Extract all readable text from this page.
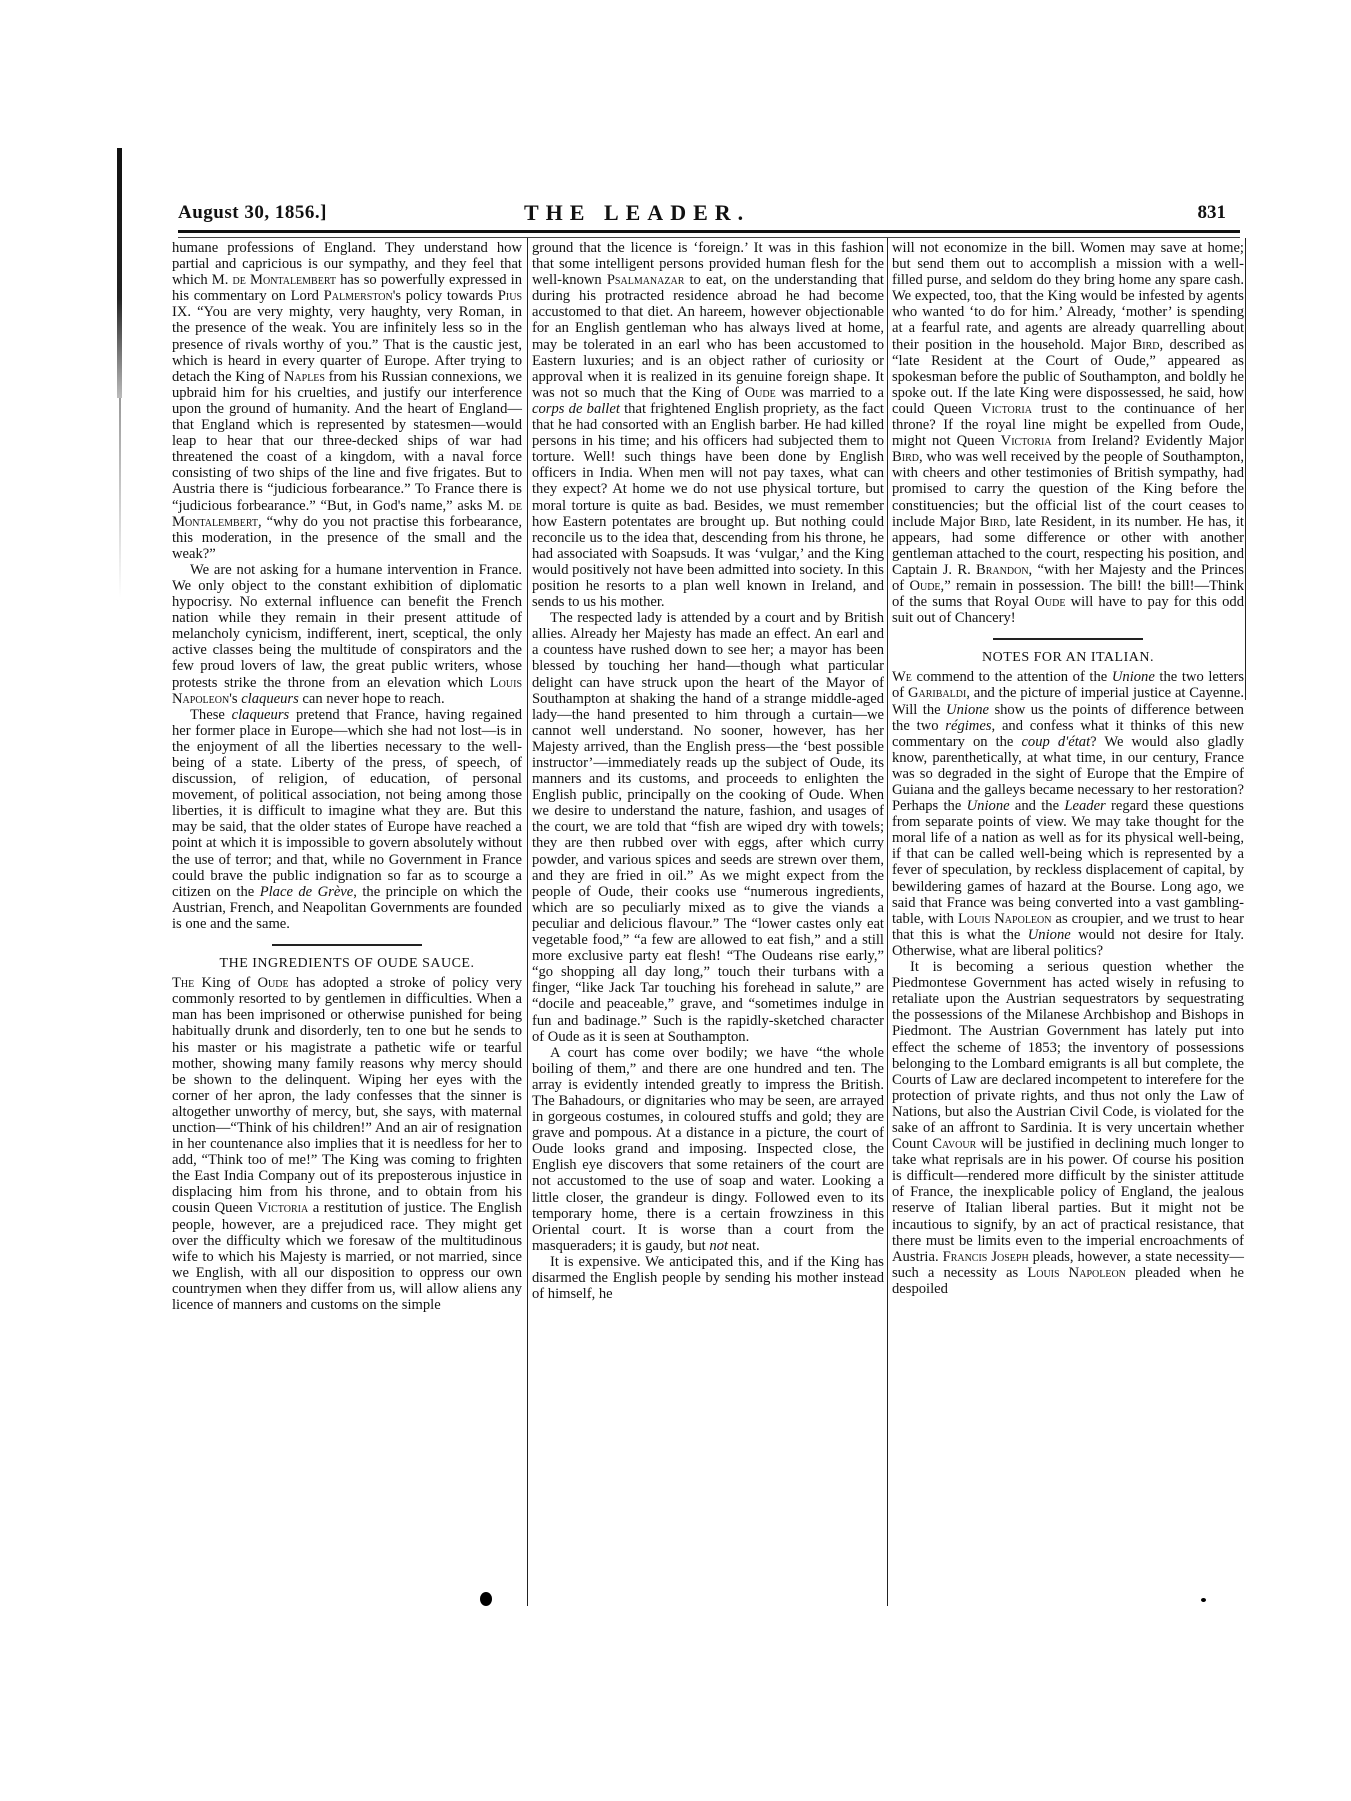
August 30, 1856.]	THE LEADER.	831

humane professions of England. They understand how partial and capricious is our sympathy, and they feel that which M. de Montalembert has so powerfully expressed in his commentary on Lord Palmerston's policy towards Pius IX. “You are very mighty, very haughty, very Roman, in the presence of the weak. You are infinitely less so in the presence of rivals worthy of you.” That is the caustic jest, which is heard in every quarter of Europe. After trying to detach the King of Naples from his Russian connexions, we upbraid him for his cruelties, and justify our interference upon the ground of humanity. And the heart of England—that England which is represented by statesmen—would leap to hear that our three-decked ships of war had threatened the coast of a kingdom, with a naval force consisting of two ships of the line and five frigates. But to Austria there is “judicious forbearance.” To France there is “judicious forbearance.” “But, in God's name,” asks M. de Montalembert, “why do you not practise this forbearance, this moderation, in the presence of the small and the weak?”

We are not asking for a humane intervention in France. We only object to the constant exhibition of diplomatic hypocrisy. No external influence can benefit the French nation while they remain in their present attitude of melancholy cynicism, indifferent, inert, sceptical, the only active classes being the multitude of conspirators and the few proud lovers of law, the great public writers, whose protests strike the throne from an elevation which Louis Napoleon's claqueurs can never hope to reach.

These claqueurs pretend that France, having regained her former place in Europe—which she had not lost—is in the enjoyment of all the liberties necessary to the well-being of a state. Liberty of the press, of speech, of discussion, of religion, of education, of personal movement, of political association, not being among those liberties, it is difficult to imagine what they are. But this may be said, that the older states of Europe have reached a point at which it is impossible to govern absolutely without the use of terror; and that, while no Government in France could brave the public indignation so far as to scourge a citizen on the Place de Grève, the principle on which the Austrian, French, and Neapolitan Governments are founded is one and the same.

THE INGREDIENTS OF OUDE SAUCE.

The King of Oude has adopted a stroke of policy very commonly resorted to by gentlemen in difficulties. When a man has been imprisoned or otherwise punished for being habitually drunk and disorderly, ten to one but he sends to his master or his magistrate a pathetic wife or tearful mother, showing many family reasons why mercy should be shown to the delinquent. Wiping her eyes with the corner of her apron, the lady confesses that the sinner is altogether unworthy of mercy, but, she says, with maternal unction—“Think of his children!” And an air of resignation in her countenance also implies that it is needless for her to add, “Think too of me!” The King was coming to frighten the East India Company out of its preposterous injustice in displacing him from his throne, and to obtain from his cousin Queen Victoria a restitution of justice. The English people, however, are a prejudiced race. They might get over the difficulty which we foresaw of the multitudinous wife to which his Majesty is married, or not married, since we English, with all our disposition to oppress our own countrymen when they differ from us, will allow aliens any licence of manners and customs on the simple

ground that the licence is ‘foreign.’ It was in this fashion that some intelligent persons provided human flesh for the well-known Psalmanazar to eat, on the understanding that during his protracted residence abroad he had become accustomed to that diet. An hareem, however objectionable for an English gentleman who has always lived at home, may be tolerated in an earl who has been accustomed to Eastern luxuries; and is an object rather of curiosity or approval when it is realized in its genuine foreign shape. It was not so much that the King of Oude was married to a corps de ballet that frightened English propriety, as the fact that he had consorted with an English barber. He had killed persons in his time; and his officers had subjected them to torture. Well! such things have been done by English officers in India. When men will not pay taxes, what can they expect? At home we do not use physical torture, but moral torture is quite as bad. Besides, we must remember how Eastern potentates are brought up. But nothing could reconcile us to the idea that, descending from his throne, he had associated with Soapsuds. It was ‘vulgar,’ and the King would positively not have been admitted into society. In this position he resorts to a plan well known in Ireland, and sends to us his mother.

The respected lady is attended by a court and by British allies. Already her Majesty has made an effect. An earl and a countess have rushed down to see her; a mayor has been blessed by touching her hand—though what particular delight can have struck upon the heart of the Mayor of Southampton at shaking the hand of a strange middle-aged lady—the hand presented to him through a curtain—we cannot well understand. No sooner, however, has her Majesty arrived, than the English press—the ‘best possible instructor’—immediately reads up the subject of Oude, its manners and its customs, and proceeds to enlighten the English public, principally on the cooking of Oude. When we desire to understand the nature, fashion, and usages of the court, we are told that “fish are wiped dry with towels; they are then rubbed over with eggs, after which curry powder, and various spices and seeds are strewn over them, and they are fried in oil.” As we might expect from the people of Oude, their cooks use “numerous ingredients, which are so peculiarly mixed as to give the viands a peculiar and delicious flavour.” The “lower castes only eat vegetable food,” “a few are allowed to eat fish,” and a still more exclusive party eat flesh! “The Oudeans rise early,” “go shopping all day long,” touch their turbans with a finger, “like Jack Tar touching his forehead in salute,” are “docile and peaceable,” grave, and “sometimes indulge in fun and badinage.” Such is the rapidly-sketched character of Oude as it is seen at Southampton.

A court has come over bodily; we have “the whole boiling of them,” and there are one hundred and ten. The array is evidently intended greatly to impress the British. The Bahadours, or dignitaries who may be seen, are arrayed in gorgeous costumes, in coloured stuffs and gold; they are grave and pompous. At a distance in a picture, the court of Oude looks grand and imposing. Inspected close, the English eye discovers that some retainers of the court are not accustomed to the use of soap and water. Looking a little closer, the grandeur is dingy. Followed even to its temporary home, there is a certain frowziness in this Oriental court. It is worse than a court from the masqueraders; it is gaudy, but not neat.

It is expensive. We anticipated this, and if the King has disarmed the English people by sending his mother instead of himself, he

will not economize in the bill. Women may save at home; but send them out to accomplish a mission with a well-filled purse, and seldom do they bring home any spare cash. We expected, too, that the King would be infested by agents who wanted ‘to do for him.’ Already, ‘mother’ is spending at a fearful rate, and agents are already quarrelling about their position in the household. Major Bird, described as “late Resident at the Court of Oude,” appeared as spokesman before the public of Southampton, and boldly he spoke out. If the late King were dispossessed, he said, how could Queen Victoria trust to the continuance of her throne? If the royal line might be expelled from Oude, might not Queen Victoria from Ireland? Evidently Major Bird, who was well received by the people of Southampton, with cheers and other testimonies of British sympathy, had promised to carry the question of the King before the constituencies; but the official list of the court ceases to include Major Bird, late Resident, in its number. He has, it appears, had some difference or other with another gentleman attached to the court, respecting his position, and Captain J. R. Brandon, “with her Majesty and the Princes of Oude,” remain in possession. The bill! the bill!—Think of the sums that Royal Oude will have to pay for this odd suit out of Chancery!

NOTES FOR AN ITALIAN.

We commend to the attention of the Unione the two letters of Garibaldi, and the picture of imperial justice at Cayenne. Will the Unione show us the points of difference between the two régimes, and confess what it thinks of this new commentary on the coup d'état? We would also gladly know, parenthetically, at what time, in our century, France was so degraded in the sight of Europe that the Empire of Guiana and the galleys became necessary to her restoration? Perhaps the Unione and the Leader regard these questions from separate points of view. We may take thought for the moral life of a nation as well as for its physical well-being, if that can be called well-being which is represented by a fever of speculation, by reckless displacement of capital, by bewildering games of hazard at the Bourse. Long ago, we said that France was being converted into a vast gambling-table, with Louis Napoleon as croupier, and we trust to hear that this is what the Unione would not desire for Italy. Otherwise, what are liberal politics?

It is becoming a serious question whether the Piedmontese Government has acted wisely in refusing to retaliate upon the Austrian sequestrators by sequestrating the possessions of the Milanese Archbishop and Bishops in Piedmont. The Austrian Government has lately put into effect the scheme of 1853; the inventory of possessions belonging to the Lombard emigrants is all but complete, the Courts of Law are declared incompetent to interefere for the protection of private rights, and thus not only the Law of Nations, but also the Austrian Civil Code, is violated for the sake of an affront to Sardinia. It is very uncertain whether Count Cavour will be justified in declining much longer to take what reprisals are in his power. Of course his position is difficult—rendered more difficult by the sinister attitude of France, the inexplicable policy of England, the jealous reserve of Italian liberal parties. But it might not be incautious to signify, by an act of practical resistance, that there must be limits even to the imperial encroachments of Austria. Francis Joseph pleads, however, a state necessity—such a necessity as Louis Napoleon pleaded when he despoiled
